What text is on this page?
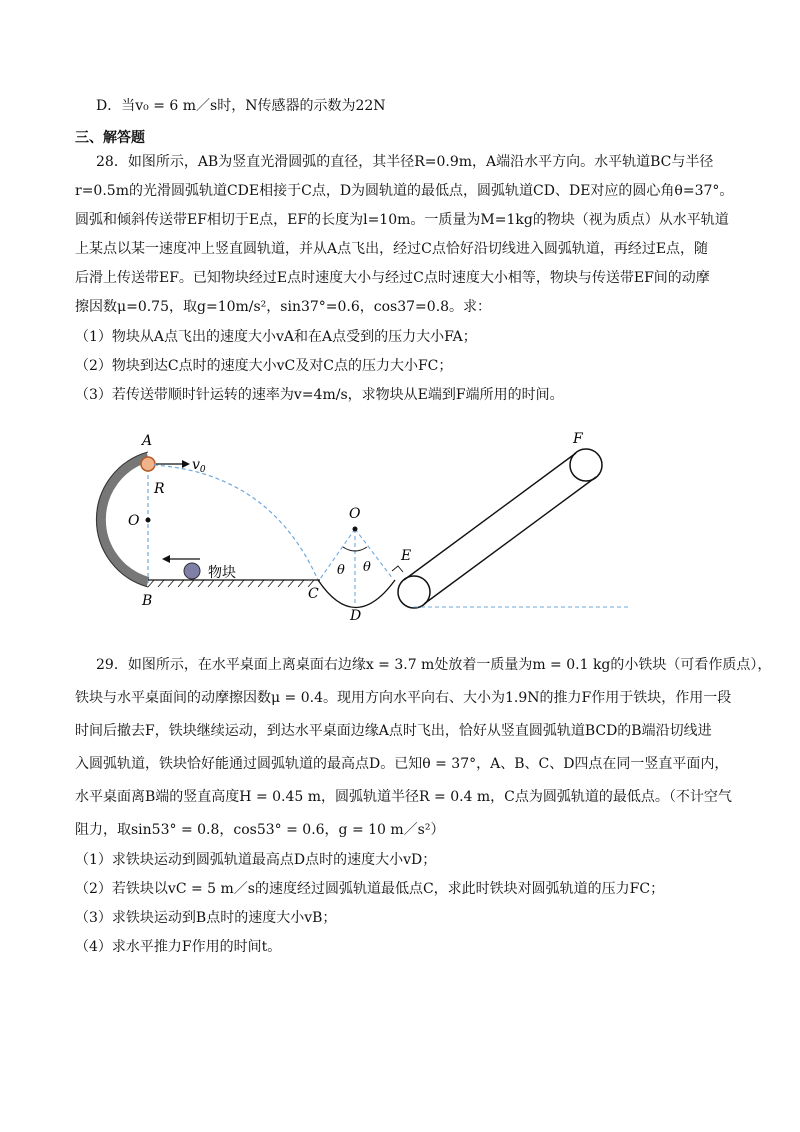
D．当v₀ = 6 m／s时，N传感器的示数为22N
三、解答题
28．如图所示，AB为竖直光滑圆弧的直径，其半径R=0.9m，A端沿水平方向。水平轨道BC与半径
r=0.5m的光滑圆弧轨道CDE相接于C点，D为圆轨道的最低点，圆弧轨道CD、DE对应的圆心角θ=37°。
圆弧和倾斜传送带EF相切于E点，EF的长度为l=10m。一质量为M=1kg的物块（视为质点）从水平轨道
上某点以某一速度冲上竖直圆轨道，并从A点飞出，经过C点恰好沿切线进入圆弧轨道，再经过E点，随
后滑上传送带EF。已知物块经过E点时速度大小与经过C点时速度大小相等，物块与传送带EF间的动摩
擦因数μ=0.75，取g=10m/s²，sin37°=0.6，cos37=0.8。求：
（1）物块从A点飞出的速度大小vA和在A点受到的压力大小FA；
（2）物块到达C点时的速度大小vC及对C点的压力大小FC；
（3）若传送带顺时针运转的速率为v=4m/s，求物块从E端到F端所用的时间。
A
$v_0$
R
O
B
物块
C
D
O
θ θ
E
F
29．如图所示，在水平桌面上离桌面右边缘x = 3.7 m处放着一质量为m = 0.1 kg的小铁块（可看作质点），
铁块与水平桌面间的动摩擦因数μ = 0.4。现用方向水平向右、大小为1.9N的推力F作用于铁块，作用一段
时间后撤去F，铁块继续运动，到达水平桌面边缘A点时飞出，恰好从竖直圆弧轨道BCD的B端沿切线进
入圆弧轨道，铁块恰好能通过圆弧轨道的最高点D。已知θ = 37°，A、B、C、D四点在同一竖直平面内，
水平桌面离B端的竖直高度H = 0.45 m，圆弧轨道半径R = 0.4 m，C点为圆弧轨道的最低点。（不计空气
阻力，取sin53° = 0.8，cos53° = 0.6，g = 10 m／s²）
（1）求铁块运动到圆弧轨道最高点D点时的速度大小vD；
（2）若铁块以vC = 5 m／s的速度经过圆弧轨道最低点C，求此时铁块对圆弧轨道的压力FC；
（3）求铁块运动到B点时的速度大小vB；
（4）求水平推力F作用的时间t。
